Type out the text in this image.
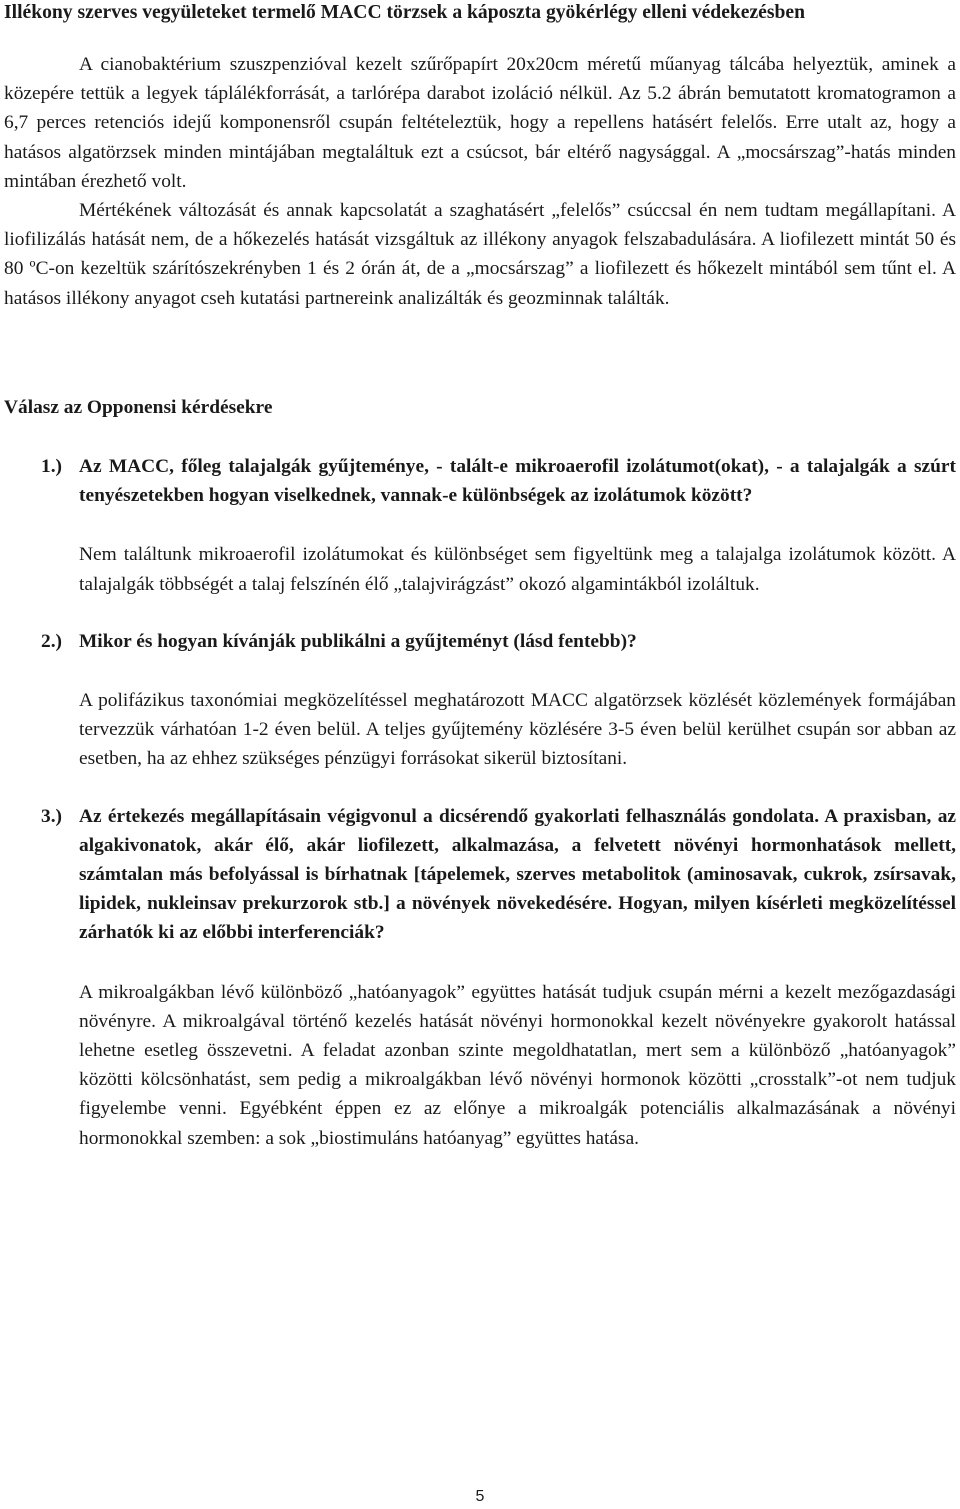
Illékony szerves vegyületeket termelő MACC törzsek a káposzta gyökérlégy elleni védekezésben

A cianobaktérium szuszpenzióval kezelt szűrőpapírt 20x20cm méretű műanyag tálcába helyeztük, aminek a közepére tettük a legyek táplálékforrását, a tarlórépa darabot izoláció nélkül. Az 5.2 ábrán bemutatott kromatogramon a 6,7 perces retenciós idejű komponensről csupán feltételeztük, hogy a repellens hatásért felelős. Erre utalt az, hogy a hatásos algatörzsek minden mintájában megtaláltuk ezt a csúcsot, bár eltérő nagysággal. A „mocsárszag”-hatás minden mintában érezhető volt.

Mértékének változását és annak kapcsolatát a szaghatásért „felelős” csúccsal én nem tudtam megállapítani. A liofilizálás hatását nem, de a hőkezelés hatását vizsgáltuk az illékony anyagok felszabadulására. A liofilezett mintát 50 és 80 ºC-on kezeltük szárítószekrényben 1 és 2 órán át, de a „mocsárszag” a liofilezett és hőkezelt mintából sem tűnt el. A hatásos illékony anyagot cseh kutatási partnereink analizálták és geozminnak találták.

Válasz az Opponensi kérdésekre

1.) Az MACC, főleg talajalgák gyűjteménye, - talált-e mikroaerofil izolátumot(okat), - a talajalgák a szúrt tenyészetekben hogyan viselkednek, vannak-e különbségek az izolátumok között?

Nem találtunk mikroaerofil izolátumokat és különbséget sem figyeltünk meg a talajalga izolátumok között. A talajalgák többségét a talaj felszínén élő „talajvirágzást” okozó algamintákból izoláltuk.

2.) Mikor és hogyan kívánják publikálni a gyűjteményt (lásd fentebb)?

A polifázikus taxonómiai megközelítéssel meghatározott MACC algatörzsek közlését közlemények formájában tervezzük várhatóan 1-2 éven belül. A teljes gyűjtemény közlésére 3-5 éven belül kerülhet csupán sor abban az esetben, ha az ehhez szükséges pénzügyi forrásokat sikerül biztosítani.

3.) Az értekezés megállapításain végigvonul a dicsérendő gyakorlati felhasználás gondolata. A praxisban, az algakivonatok, akár élő, akár liofilezett, alkalmazása, a felvetett növényi hormonhatások mellett, számtalan más befolyással is bírhatnak [tápelemek, szerves metabolitok (aminosavak, cukrok, zsírsavak, lipidek, nukleinsav prekurzorok stb.] a növények növekedésére. Hogyan, milyen kísérleti megközelítéssel zárhatók ki az előbbi interferenciák?

A mikroalgákban lévő különböző „hatóanyagok” együttes hatását tudjuk csupán mérni a kezelt mezőgazdasági növényre. A mikroalgával történő kezelés hatását növényi hormonokkal kezelt növényekre gyakorolt hatással lehetne esetleg összevetni. A feladat azonban szinte megoldhatatlan, mert sem a különböző „hatóanyagok” közötti kölcsönhatást, sem pedig a mikroalgákban lévő növényi hormonok közötti „crosstalk”-ot nem tudjuk figyelembe venni. Egyébként éppen ez az előnye a mikroalgák potenciális alkalmazásának a növényi hormonokkal szemben: a sok „biostimuláns hatóanyag” együttes hatása.

5
